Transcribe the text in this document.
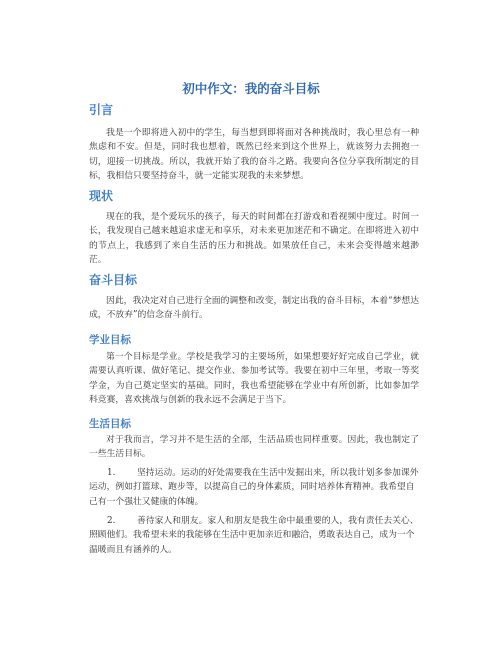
初中作文：我的奋斗目标
引言

我是一个即将进入初中的学生，每当想到即将面对各种挑战时，我心里总有一种焦虑和不安。但是，同时我也想着，既然已经来到这个世界上，就该努力去拥抱一切，迎接一切挑战。所以，我就开始了我的奋斗之路。我要向各位分享我所制定的目标，我相信只要坚持奋斗，就一定能实现我的未来梦想。

现状

现在的我，是个爱玩乐的孩子，每天的时间都在打游戏和看视频中度过。时间一长，我发现自己越来越追求虚无和享乐，对未来更加迷茫和不确定。在即将进入初中的节点上，我感到了来自生活的压力和挑战。如果放任自己，未来会变得越来越渺茫。

奋斗目标

因此，我决定对自己进行全面的调整和改变，制定出我的奋斗目标，本着“梦想达成，不放弃”的信念奋斗前行。

学业目标

第一个目标是学业。学校是我学习的主要场所，如果想要好好完成自己学业，就需要认真听课、做好笔记、提交作业、参加考试等。我要在初中三年里，考取一等奖学金，为自己奠定坚实的基础。同时，我也希望能够在学业中有所创新，比如参加学科竞赛，喜欢挑战与创新的我永远不会满足于当下。

生活目标

对于我而言，学习并不是生活的全部，生活品质也同样重要。因此，我也制定了一些生活目标。

1. 坚持运动。运动的好处需要我在生活中发掘出来，所以我计划多参加课外运动，例如打篮球、跑步等，以提高自己的身体素质，同时培养体育精神。我希望自己有一个强壮又健康的体魄。

2. 善待家人和朋友。家人和朋友是我生命中最重要的人，我有责任去关心、照顾他们。我希望未来的我能够在生活中更加亲近和融洽，勇敢表达自己，成为一个温暖而且有涵养的人。
